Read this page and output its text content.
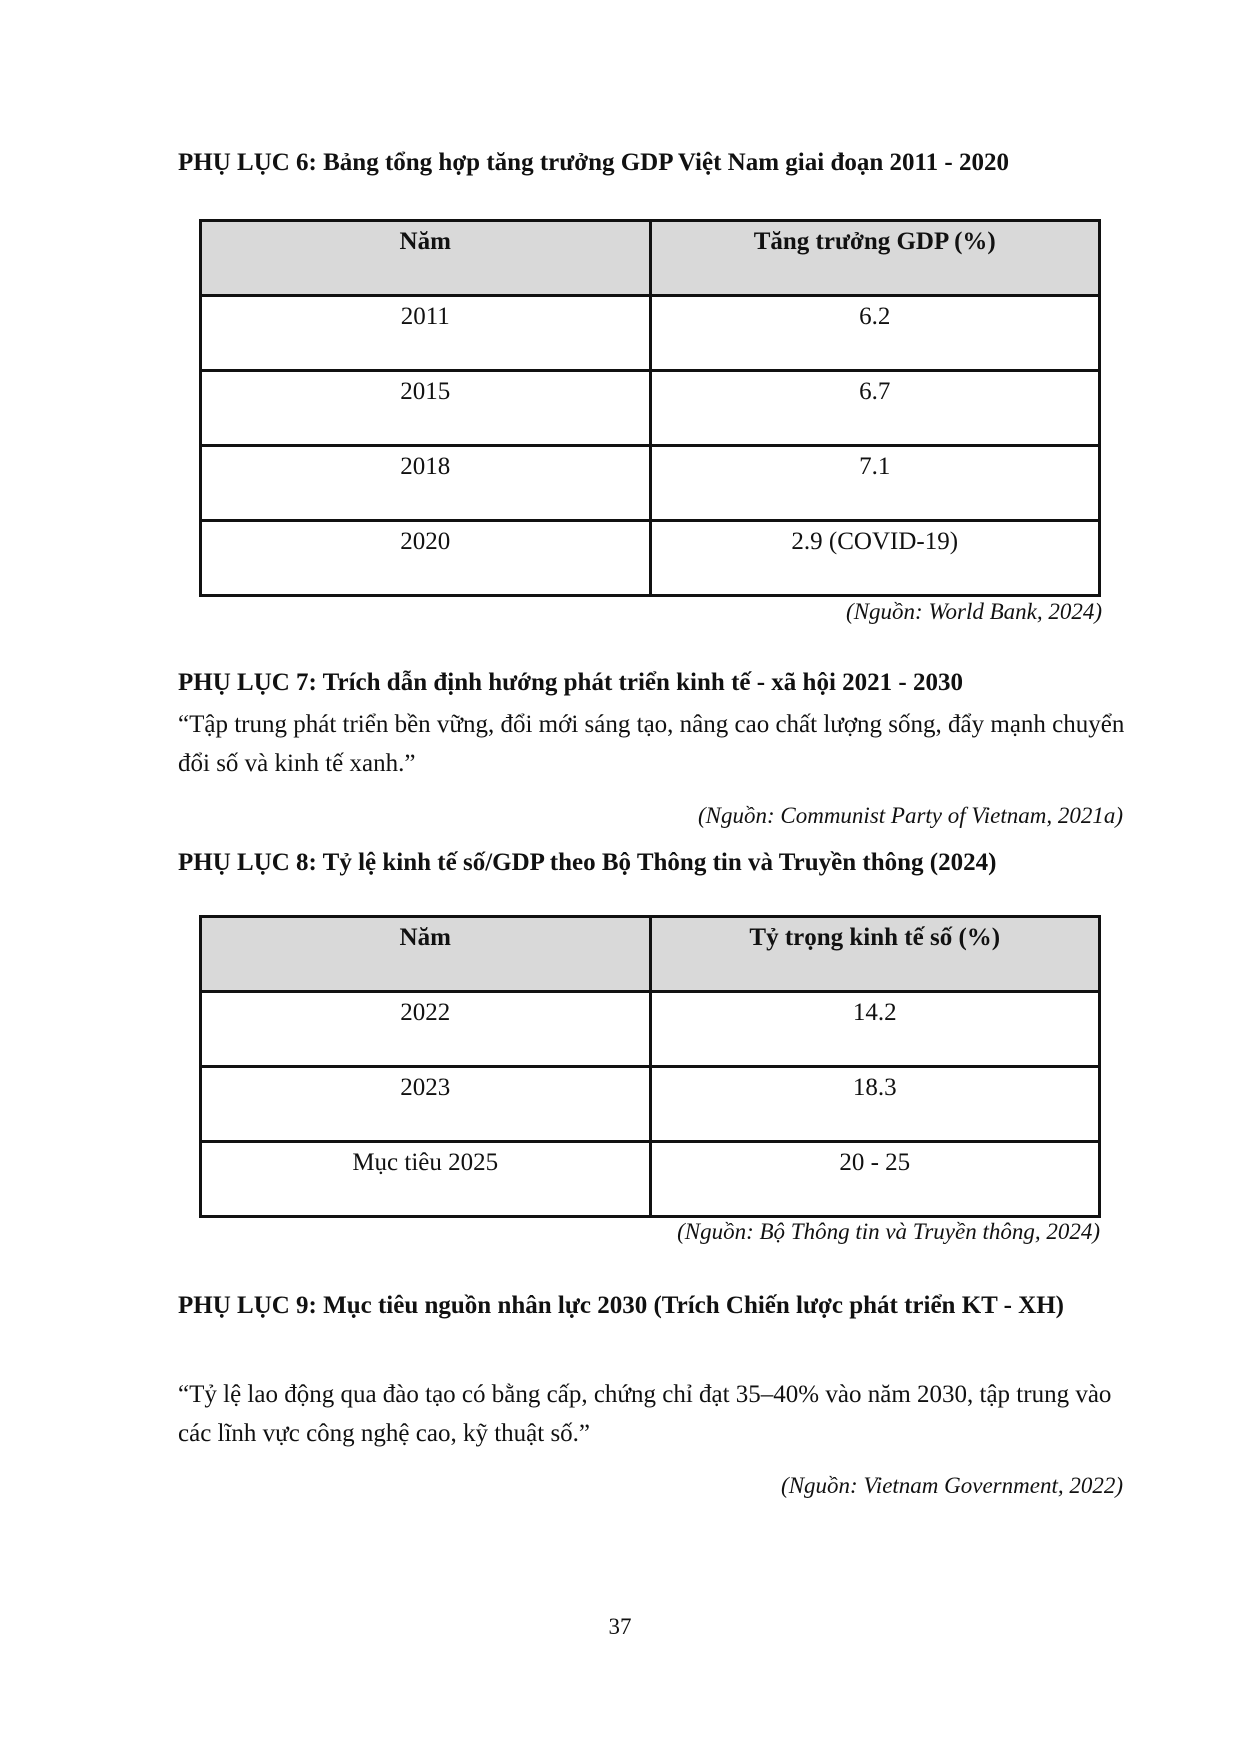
PHỤ LỤC 6: Bảng tổng hợp tăng trưởng GDP Việt Nam giai đoạn 2011 - 2020
Năm	Tăng trưởng GDP (%)
2011	6.2
2015	6.7
2018	7.1
2020	2.9 (COVID-19)
(Nguồn: World Bank, 2024)
PHỤ LỤC 7: Trích dẫn định hướng phát triển kinh tế - xã hội 2021 - 2030

“Tập trung phát triển bền vững, đổi mới sáng tạo, nâng cao chất lượng sống, đẩy mạnh chuyển đổi số và kinh tế xanh.”

(Nguồn: Communist Party of Vietnam, 2021a)
PHỤ LỤC 8: Tỷ lệ kinh tế số/GDP theo Bộ Thông tin và Truyền thông (2024)
Năm	Tỷ trọng kinh tế số (%)
2022	14.2
2023	18.3
Mục tiêu 2025	20 - 25
(Nguồn: Bộ Thông tin và Truyền thông, 2024)
PHỤ LỤC 9: Mục tiêu nguồn nhân lực 2030 (Trích Chiến lược phát triển KT - XH)

“Tỷ lệ lao động qua đào tạo có bằng cấp, chứng chỉ đạt 35–40% vào năm 2030, tập trung vào các lĩnh vực công nghệ cao, kỹ thuật số.”

(Nguồn: Vietnam Government, 2022)
37
